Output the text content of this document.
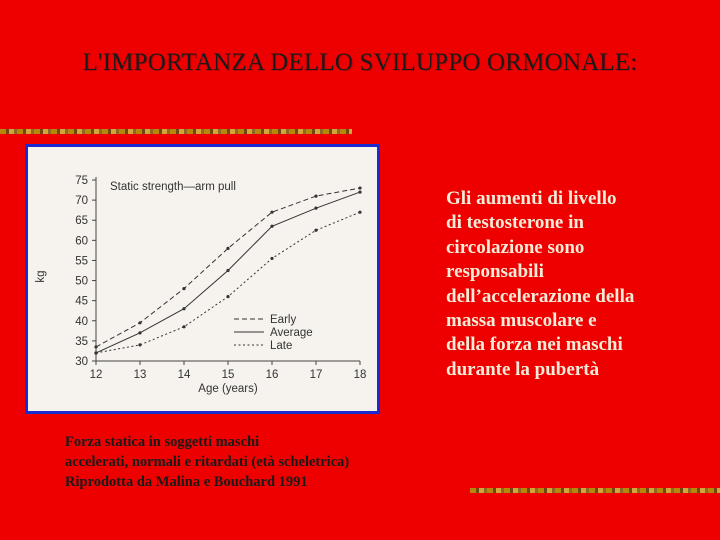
L'IMPORTANZA DELLO SVILUPPO ORMONALE:
30
35
40
45
50
55
60
65
70
75
12	13	14	15	16	17	18
Age (years)
kg
Static strength—arm pull
Early
Average
Late
Forza statica in soggetti maschi
accelerati, normali e ritardati (età scheletrica)
Riprodotta da Malina e Bouchard 1991
Gli aumenti di livello
di testosterone in
circolazione sono
responsabili
dell’accelerazione della
massa muscolare e
della forza nei maschi
durante la pubertà
